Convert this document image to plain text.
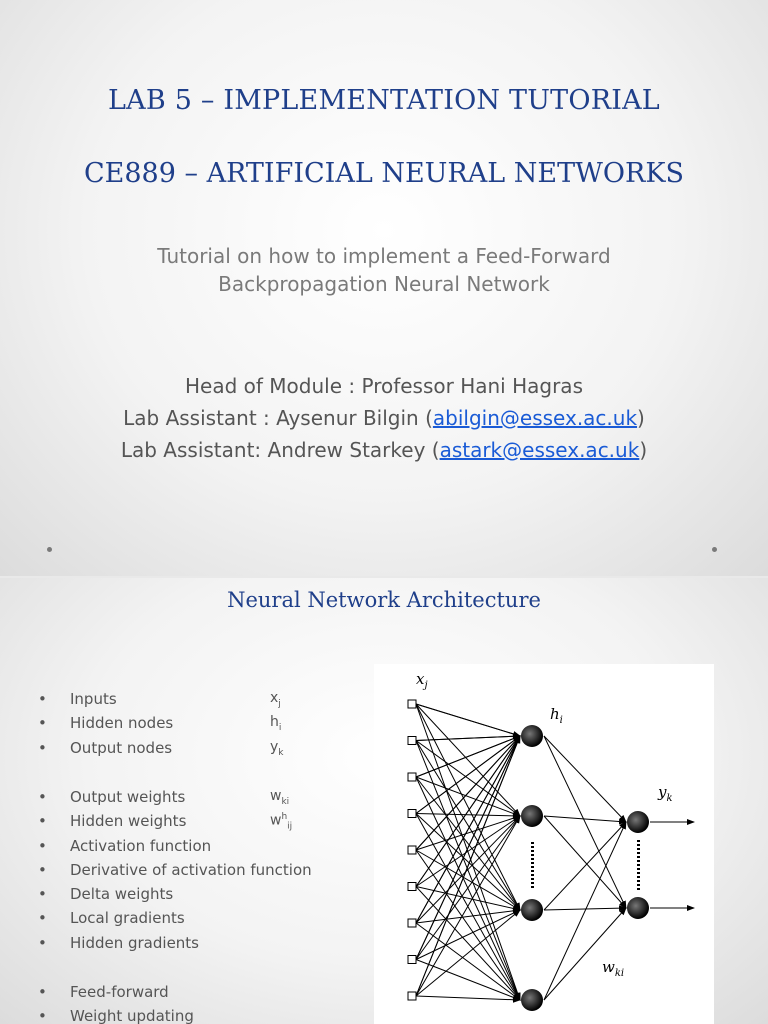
LAB 5 – IMPLEMENTATION TUTORIAL
CE889 – ARTIFICIAL NEURAL NETWORKS
Tutorial on how to implement a Feed-Forward
Backpropagation Neural Network
Head of Module : Professor Hani Hagras
Lab Assistant : Aysenur Bilgin (abilgin@essex.ac.uk)
Lab Assistant: Andrew Starkey (astark@essex.ac.uk)
Neural Network Architecture
• Inputs	$x_j$
• Hidden nodes	$h_i$
• Output nodes	$y_k$
• Output weights	$w_{ki}$
• Hidden weights	$w^h_{ij}$
• Activation function
• Derivative of activation function
• Delta weights
• Local gradients
• Hidden gradients
• Feed-forward
• Weight updating
$x_j$
$h_i$
$y_k$
$w_{ki}$
